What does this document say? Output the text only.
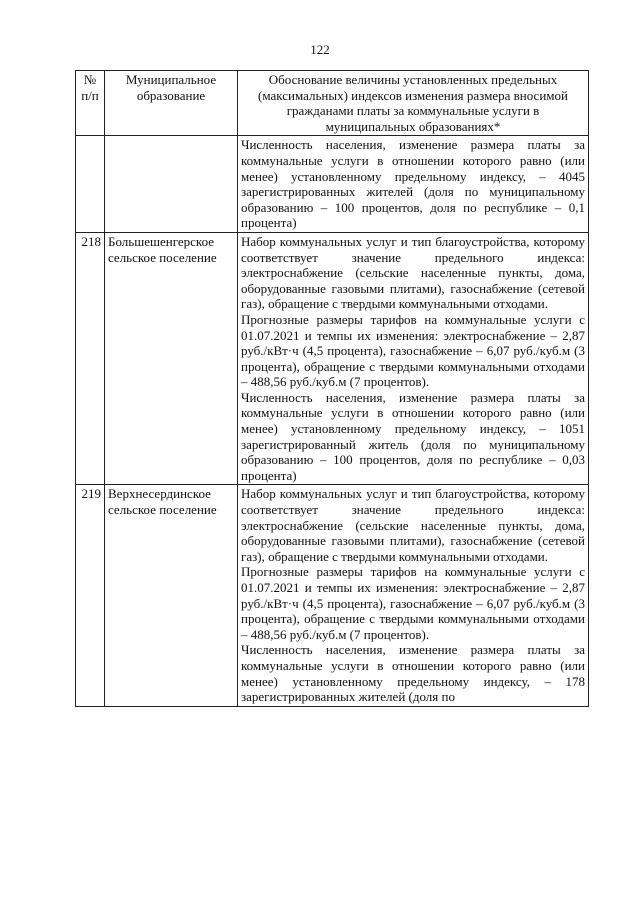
122
№ п/п	Муниципальное образование	Обоснование величины установленных предельных (максимальных) индексов изменения размера вносимой гражданами платы за коммунальные услуги в муниципальных образованиях*

		Численность населения, изменение размера платы за коммунальные услуги в отношении которого равно (или менее) установленному предельному индексу, – 4045 зарегистрированных жителей (доля по муниципальному образованию – 100 процентов, доля по республике – 0,1 процента)

218	Большешенгерское сельское поселение	Набор коммунальных услуг и тип благоустройства, которому соответствует значение предельного индекса: электроснабжение (сельские населенные пункты, дома, оборудованные газовыми плитами), газоснабжение (сетевой газ), обращение с твердыми коммунальными отходами.

Прогнозные размеры тарифов на коммунальные услуги с 01.07.2021 и темпы их изменения: электроснабжение – 2,87 руб./кВт·ч (4,5 процента), газоснабжение – 6,07 руб./куб.м (3 процента), обращение с твердыми коммунальными отходами – 488,56 руб./куб.м (7 процентов).

Численность населения, изменение размера платы за коммунальные услуги в отношении которого равно (или менее) установленному предельному индексу, – 1051 зарегистрированный житель (доля по муниципальному образованию – 100 процентов, доля по республике – 0,03 процента)

219	Верхнесердинское сельское поселение	Набор коммунальных услуг и тип благоустройства, которому соответствует значение предельного индекса: электроснабжение (сельские населенные пункты, дома, оборудованные газовыми плитами), газоснабжение (сетевой газ), обращение с твердыми коммунальными отходами.

Прогнозные размеры тарифов на коммунальные услуги с 01.07.2021 и темпы их изменения: электроснабжение – 2,87 руб./кВт·ч (4,5 процента), газоснабжение – 6,07 руб./куб.м (3 процента), обращение с твердыми коммунальными отходами – 488,56 руб./куб.м (7 процентов).

Численность населения, изменение размера платы за коммунальные услуги в отношении которого равно (или менее) установленному предельному индексу, – 178 зарегистрированных жителей (доля по
